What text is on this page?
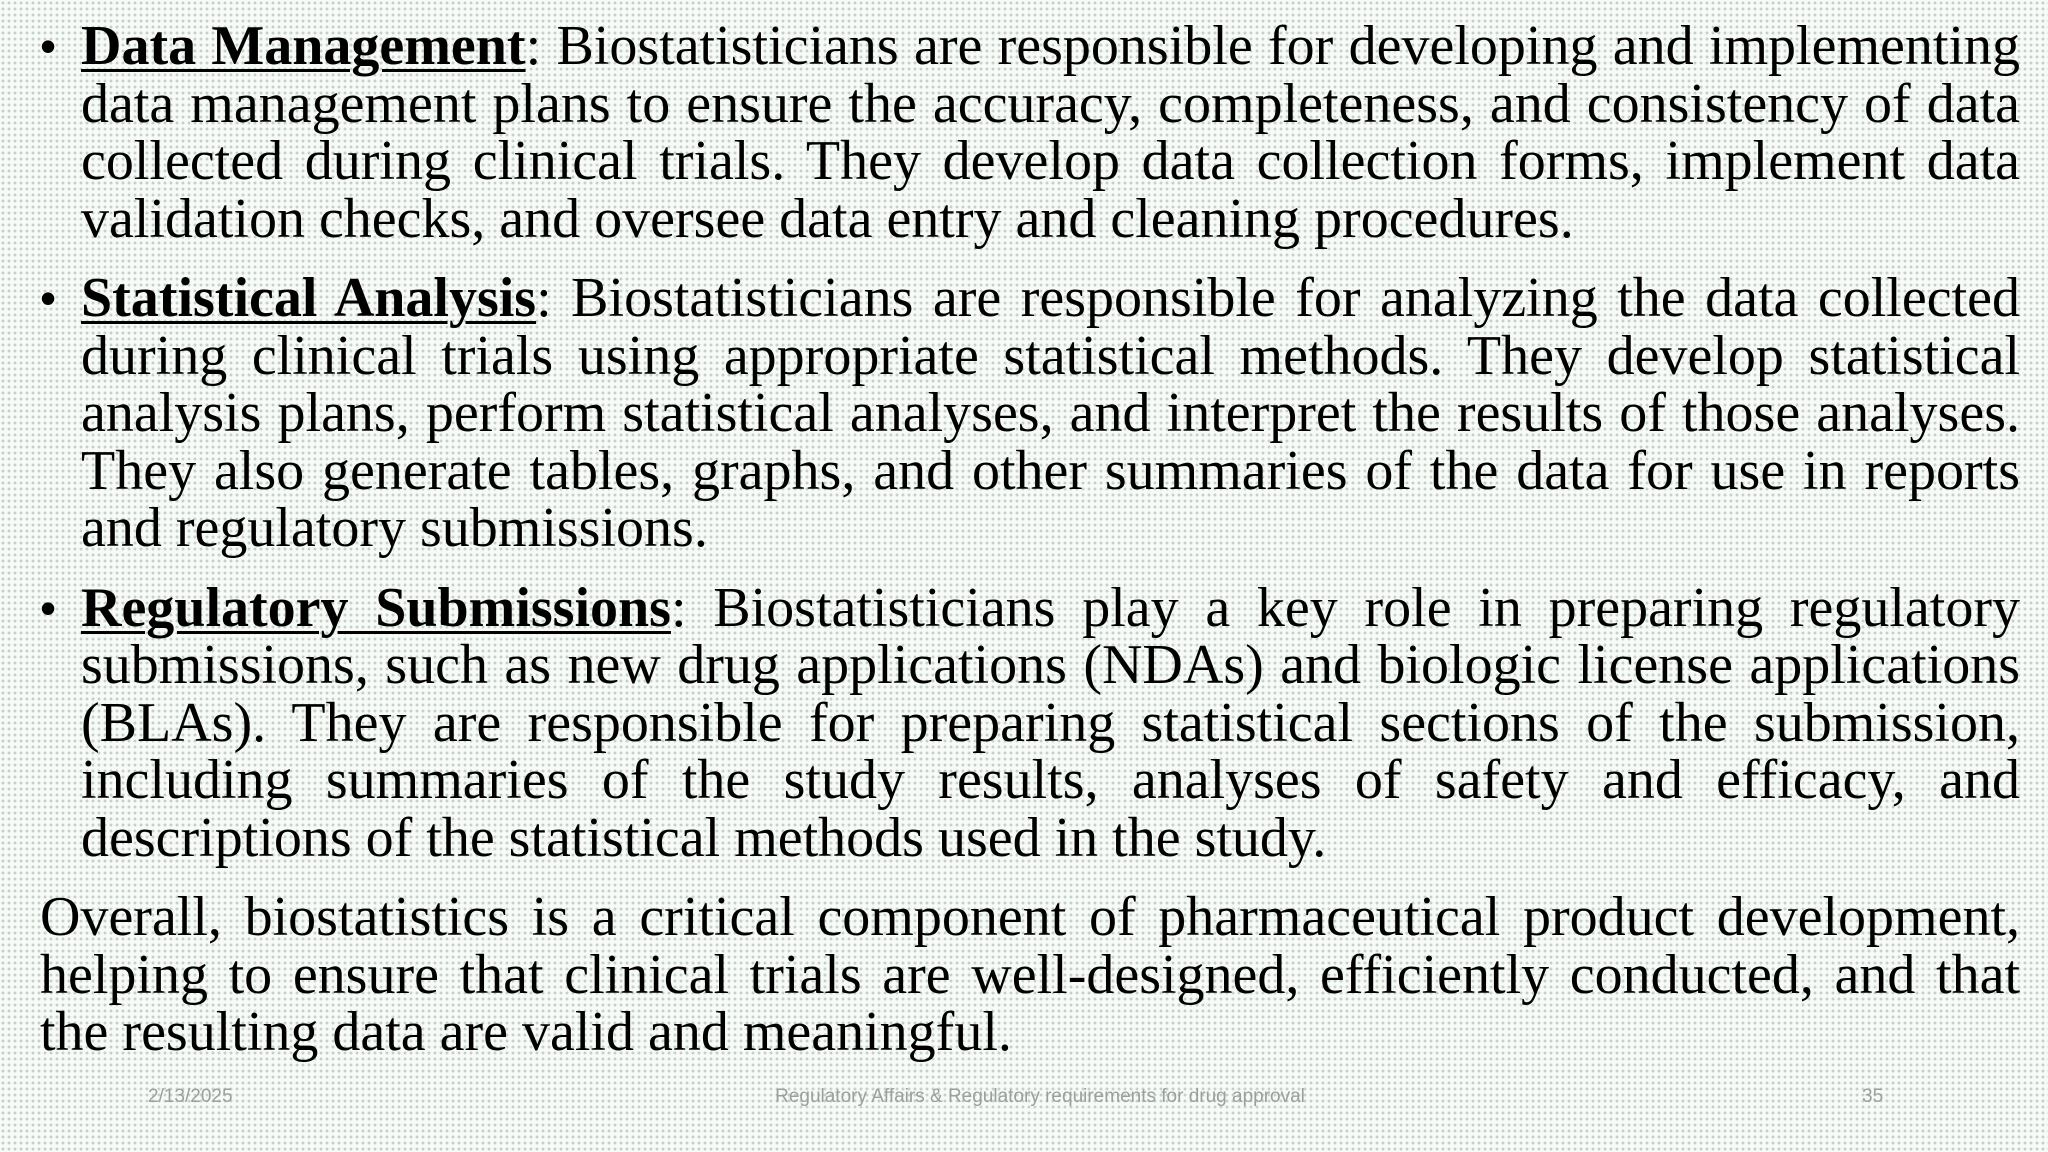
• Data Management: Biostatisticians are responsible for developing and implementing data management plans to ensure the accuracy, completeness, and consistency of data collected during clinical trials. They develop data collection forms, implement data validation checks, and oversee data entry and cleaning procedures.
• Statistical Analysis: Biostatisticians are responsible for analyzing the data collected during clinical trials using appropriate statistical methods. They develop statistical analysis plans, perform statistical analyses, and interpret the results of those analyses. They also generate tables, graphs, and other summaries of the data for use in reports and regulatory submissions.
• Regulatory Submissions: Biostatisticians play a key role in preparing regulatory submissions, such as new drug applications (NDAs) and biologic license applications (BLAs). They are responsible for preparing statistical sections of the submission, including summaries of the study results, analyses of safety and efficacy, and descriptions of the statistical methods used in the study.
Overall, biostatistics is a critical component of pharmaceutical product development, helping to ensure that clinical trials are well-designed, efficiently conducted, and that the resulting data are valid and meaningful.
2/13/2025	Regulatory Affairs & Regulatory requirements for drug approval	35
